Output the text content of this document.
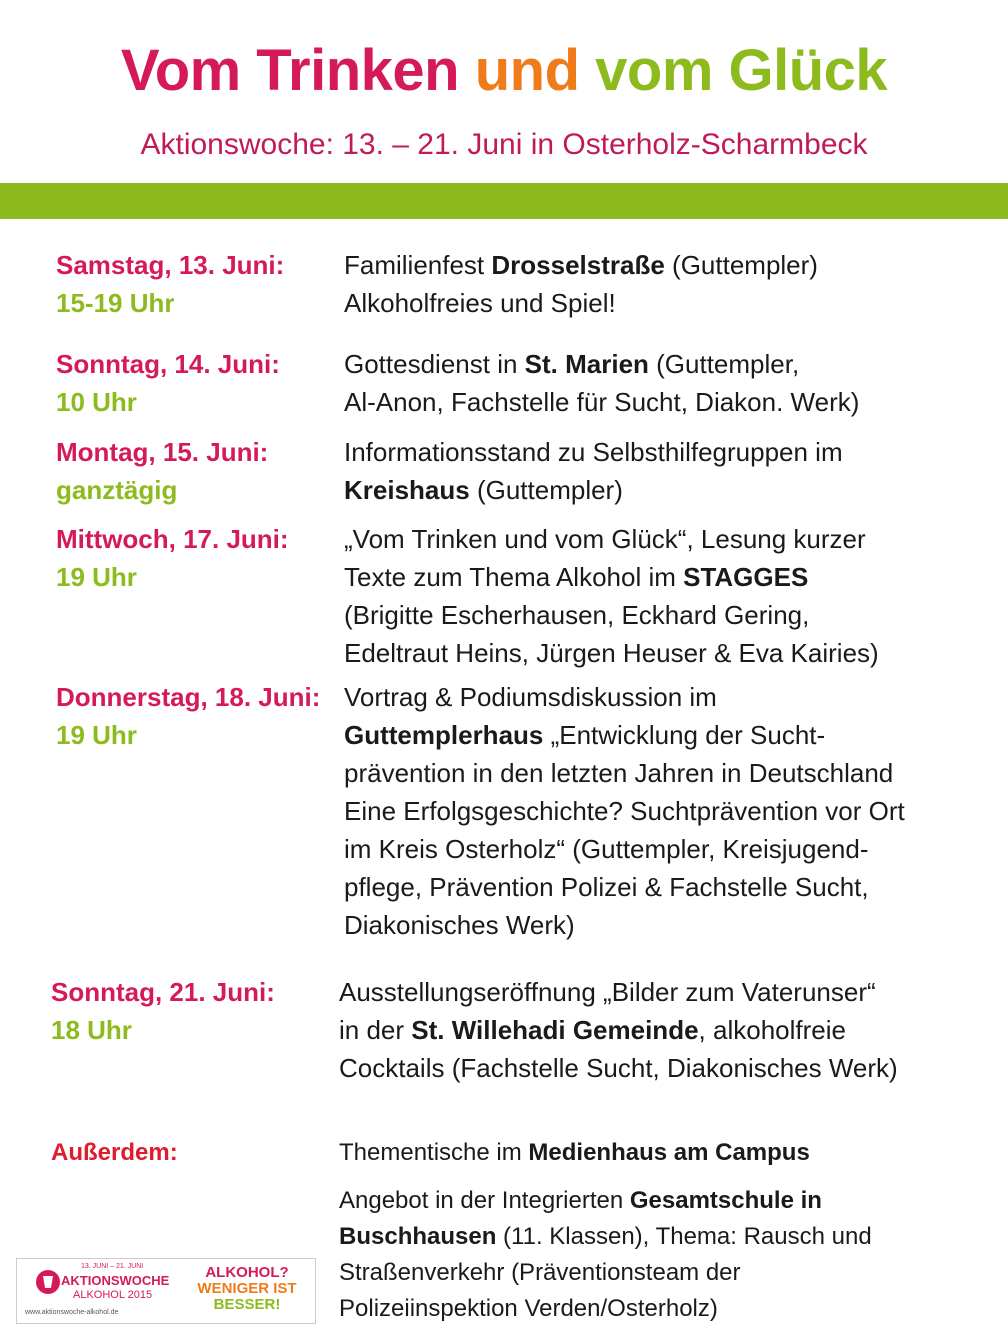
Vom Trinken und vom Glück
Aktionswoche: 13. – 21. Juni in Osterholz-Scharmbeck
Samstag, 13. Juni:
15-19 Uhr
Familienfest Drosselstraße (Guttempler)
Alkoholfreies und Spiel!
Sonntag, 14. Juni:
10 Uhr
Gottesdienst in St. Marien (Guttempler,
Al-Anon, Fachstelle für Sucht, Diakon. Werk)
Montag, 15. Juni:
ganztägig
Informationsstand zu Selbsthilfegruppen im
Kreishaus (Guttempler)
Mittwoch, 17. Juni:
19 Uhr
„Vom Trinken und vom Glück“, Lesung kurzer
Texte zum Thema Alkohol im STAGGES
(Brigitte Escherhausen, Eckhard Gering,
Edeltraut Heins, Jürgen Heuser & Eva Kairies)
Donnerstag, 18. Juni:
19 Uhr
Vortrag & Podiumsdiskussion im
Guttemplerhaus „Entwicklung der Sucht-
prävention in den letzten Jahren in Deutschland
Eine Erfolgsgeschichte? Suchtprävention vor Ort
im Kreis Osterholz“ (Guttempler, Kreisjugend-
pflege, Prävention Polizei & Fachstelle Sucht,
Diakonisches Werk)
Sonntag, 21. Juni:
18 Uhr
Ausstellungseröffnung „Bilder zum Vaterunser“
in der St. Willehadi Gemeinde, alkoholfreie
Cocktails (Fachstelle Sucht, Diakonisches Werk)
Außerdem:	Thementische im Medienhaus am Campus
Angebot in der Integrierten Gesamtschule in
Buschhausen (11. Klassen), Thema: Rausch und
Straßenverkehr (Präventionsteam der
Polizeiinspektion Verden/Osterholz)
13. JUNI – 21. JUNI
AKTIONSWOCHE
ALKOHOL 2015
www.aktionswoche-alkohol.de
ALKOHOL?
WENIGER IST
BESSER!
